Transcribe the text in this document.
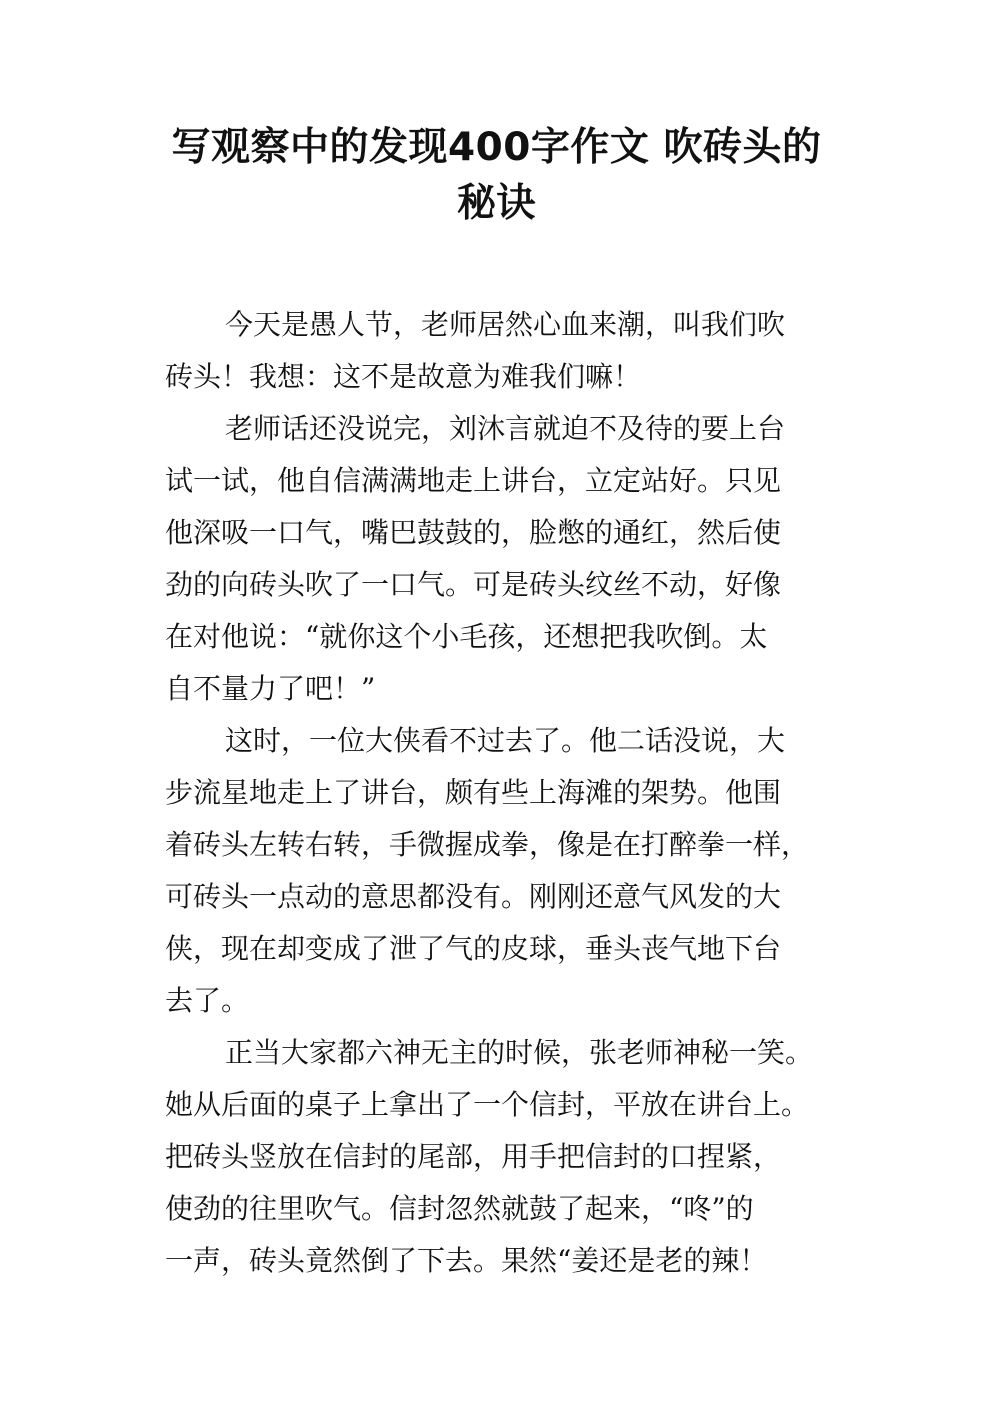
写观察中的发现400字作文 吹砖头的
秘诀
今天是愚人节，老师居然心血来潮，叫我们吹
砖头！我想：这不是故意为难我们嘛！
老师话还没说完，刘沐言就迫不及待的要上台
试一试，他自信满满地走上讲台，立定站好。只见
他深吸一口气，嘴巴鼓鼓的，脸憋的通红，然后使
劲的向砖头吹了一口气。可是砖头纹丝不动，好像
在对他说：“就你这个小毛孩，还想把我吹倒。太
自不量力了吧！”
这时，一位大侠看不过去了。他二话没说，大
步流星地走上了讲台，颇有些上海滩的架势。他围
着砖头左转右转，手微握成拳，像是在打醉拳一样，
可砖头一点动的意思都没有。刚刚还意气风发的大
侠，现在却变成了泄了气的皮球，垂头丧气地下台
去了。
正当大家都六神无主的时候，张老师神秘一笑。
她从后面的桌子上拿出了一个信封，平放在讲台上。
把砖头竖放在信封的尾部，用手把信封的口捏紧，
使劲的往里吹气。信封忽然就鼓了起来，“咚”的
一声，砖头竟然倒了下去。果然“姜还是老的辣！
